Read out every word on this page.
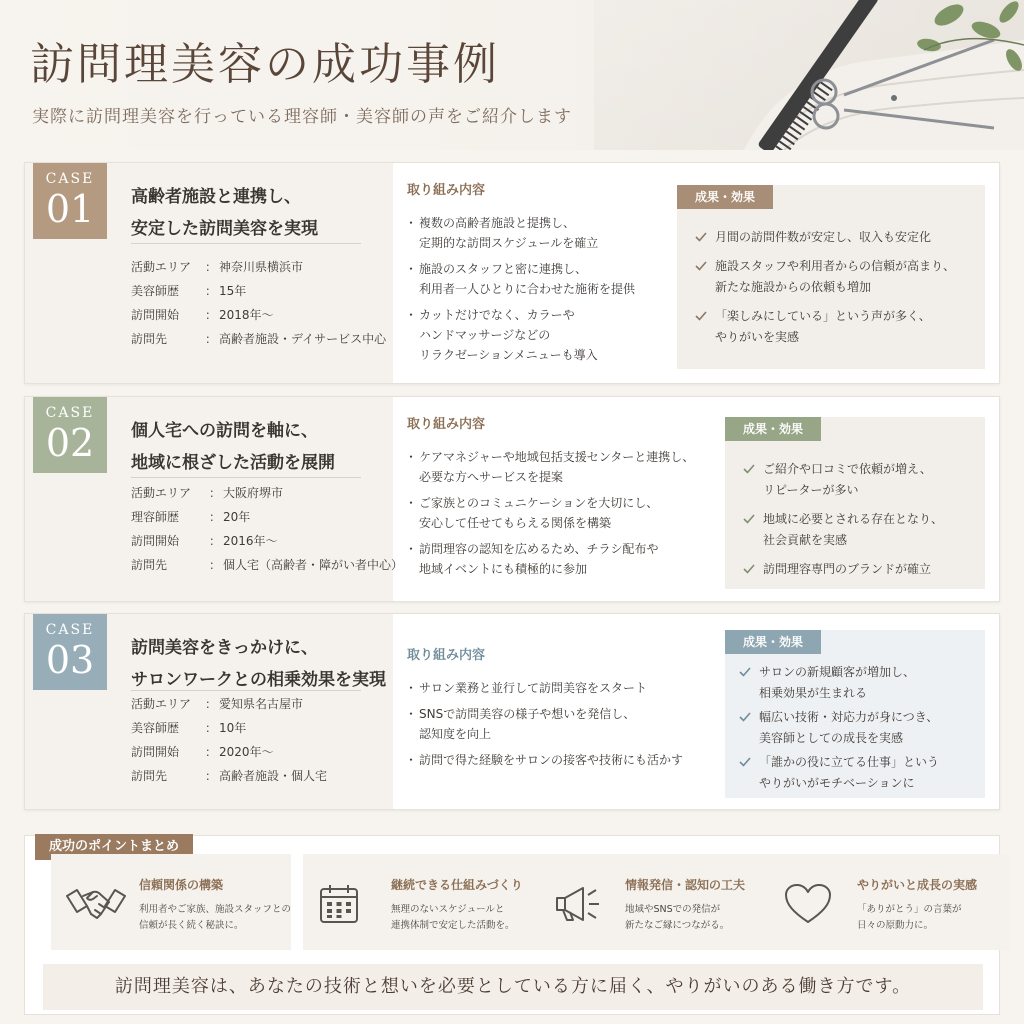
訪問理美容の成功事例
実際に訪問理美容を行っている理容師・美容師の声をご紹介します
CASE
01	高齢者施設と連携し、
安定した訪問美容を実現
活動エリア ： 神奈川県横浜市
美容師歴 ： 15年
訪問開始 ： 2018年〜
訪問先	： 高齢者施設・デイサービス中心
取り組み内容
・ 複数の高齢者施設と提携し、
定期的な訪問スケジュールを確立
・ 施設のスタッフと密に連携し、
利用者一人ひとりに合わせた施術を提供
・ カットだけでなく、カラーや
ハンドマッサージなどの
リラクゼーションメニューも導入
成果・効果
月間の訪問件数が安定し、収入も安定化
施設スタッフや利用者からの信頼が高まり、
新たな施設からの依頼も増加
「楽しみにしている」という声が多く、
やりがいを実感
CASE
02	個人宅への訪問を軸に、
地域に根ざした活動を展開
活動エリア ： 大阪府堺市
理容師歴 ： 20年
訪問開始 ： 2016年〜
訪問先	： 個人宅（高齢者・障がい者中心）
取り組み内容
・ ケアマネジャーや地域包括支援センターと連携し、
必要な方へサービスを提案
・ ご家族とのコミュニケーションを大切にし、
安心して任せてもらえる関係を構築
・ 訪問理容の認知を広めるため、チラシ配布や
地域イベントにも積極的に参加
成果・効果
ご紹介や口コミで依頼が増え、
リピーターが多い
地域に必要とされる存在となり、
社会貢献を実感
訪問理容専門のブランドが確立
CASE
03	訪問美容をきっかけに、
サロンワークとの相乗効果を実現
活動エリア ： 愛知県名古屋市
美容師歴 ： 10年
訪問開始 ： 2020年〜
訪問先	： 高齢者施設・個人宅
取り組み内容
・ サロン業務と並行して訪問美容をスタート
・ SNSで訪問美容の様子や想いを発信し、
認知度を向上
・ 訪問で得た経験をサロンの接客や技術にも活かす
成果・効果
サロンの新規顧客が増加し、
相乗効果が生まれる
幅広い技術・対応力が身につき、
美容師としての成長を実感
「誰かの役に立てる仕事」という
やりがいがモチベーションに
成功のポイントまとめ
信頼関係の構築
利用者やご家族、施設スタッフとの
信頼が長く続く秘訣に。
継続できる仕組みづくり
無理のないスケジュールと
連携体制で安定した活動を。
情報発信・認知の工夫
地域やSNSでの発信が
新たなご縁につながる。
やりがいと成長の実感
「ありがとう」の言葉が
日々の原動力に。
訪問理美容は、あなたの技術と想いを必要としている方に届く、やりがいのある働き方です。
